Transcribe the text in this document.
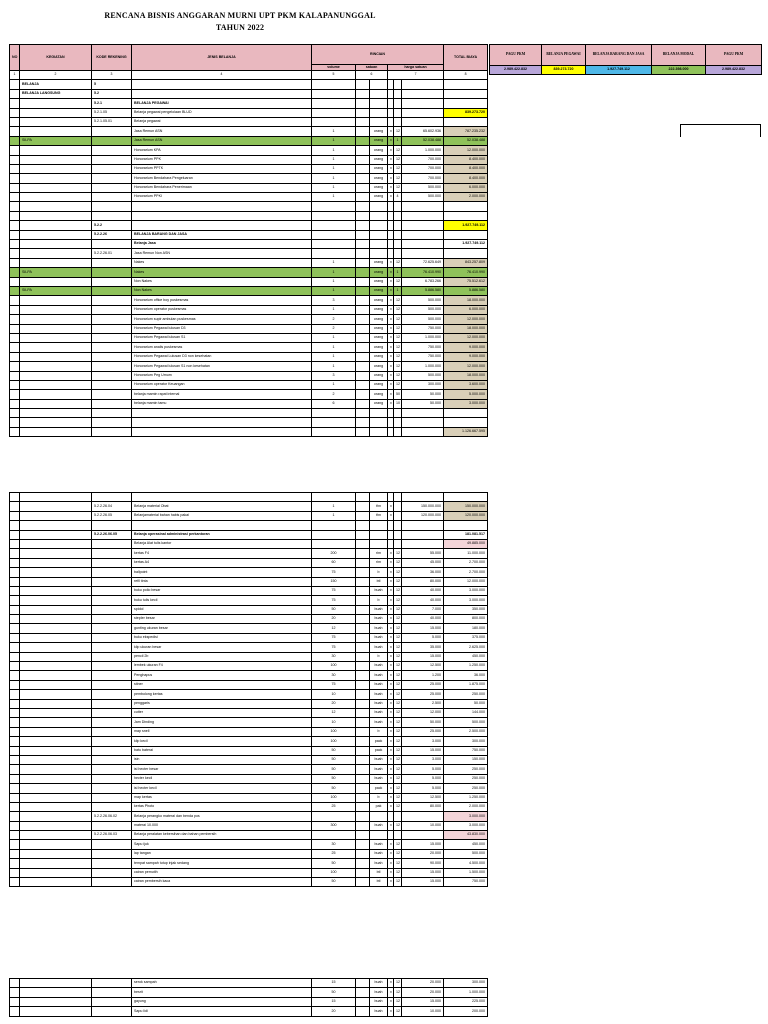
RENCANA BISNIS ANGGARAN MURNI UPT PKM KALAPANUNGGAL
TAHUN 2022
NO	KEGIATAN	KODE REKENING	JENIS BELANJA	RINCIAN						TOTAL BIAYA
				volume	satuan		harga satuan			
1	2	3	4	5	6		7			8
	BELANJA	5								
	BELANJA LANGSUNG	5.2								
		5.2.1	BELANJA PEGAWAI							
		5.2.1.05	Belanja pegawai pengelolaan BLUD							839.273.720
		5.2.1.05.01	Belanja pegawai							
			Jasa Remun ASN	1		orang	x	12	65.602.936	787.235.232
	SILPA		Jasa Remun ASN	1		orang	x	1	52.038.488	52.038.488
			Honorarium KPA	1		orang	x	12	1.000.000	12.000.000
			Honorarium PPK	1		orang	x	12	700.000	8.400.000
			Honorarium PPTK	1		orang	x	12	700.000	8.400.000
			Honorarium Bendahara Pengeluaran	1		orang	x	12	700.000	8.400.000
			Honorarium Bendahara Penerimaan	1		orang	x	12	500.000	6.000.000
			Honorarium PPKI	1		orang	x	4	500.000	2.000.000

		5.2.2								1.927.749.112
		5.2.2.26	BELANJA BARANG DAN JASA							
			Belanja Jasa							1.927.749.112
		5.2.2.26.01	Jasa Remun Non ASN							
			Nakes	1		orang	x	12	72.625.649	843.257.809
	SILPA		Nakes	1		orang	x	1	76.410.990	76.410.990
			Non Nakes	1		orang	x	12	6.783.266	75.512.612
	SILPA		Non Nakes	1		orang	x	1	5.886.580	5.886.580
			Honorarium office boy puskesmas	3		orang	x	12	500.000	18.000.000
			Honorarium operator puskesmas	1		orang	x	12	500.000	6.000.000
			Honorarium supir ambulan puskesmas	2		orang	x	12	500.000	12.000.000
			Honorarium Pegawai lulusan D3	2		orang	x	12	750.000	18.000.000
			Honorarium Pegawai lulusan S1	1		orang	x	12	1.000.000	12.000.000
			Honorarium analis puskesmas	1		orang	x	12	750.000	9.000.000
			Honorarium Pegawai Lulusan D3 non kesehatan	1		orang	x	12	750.000	9.000.000
			Honorarium Pegawai lulusan S1 non kesehatan	1		orang	x	12	1.000.000	12.000.000
			Honorarium Peg Umum	3		orang	x	12	500.000	18.000.000
			Honorarium operator Keuangan	1		orang	x	12	300.000	3.600.000
			belanja mamin rapat internal	2		orang	x	50	50.000	5.000.000
			belanja mamin tamu	6		orang	x	10	50.000	3.000.000

										1.126.667.595
PAGU PKM	BELANJA PEGAWAI	BELANJA BARANG DAN JASA	BELANJA MODAL	PAGU PKM
2.989.422.832	839.273.720	1.927.749.112	222.398.000	2.989.422.832

		5.2.2.26.04	Belanja material Obat	1		thn	x		150.000.000	150.000.000
		5.2.2.26.05	Belanjamaterial bahan habis pakai	1		thn	x		120.000.000	120.000.000

		5.2.2.26.06.05	Belanja operasinal administrasi perkantoran							181.081.517
			Belanja Alat tulis kantor							49.885.000
			kertas F4	200		rim	x	12	55.000	11.000.000
			kertas A4	60		rim	x	12	45.000	2.700.000
			ballpoint	75		b	x	12	36.000	2.700.000
			refil tinta	150		btl	x	12	80.000	12.000.000
			buku polio besar	75		buah	x	12	40.000	3.000.000
			buku tulis kecil	75		b	x	12	40.000	3.000.000
			spidol	50		buah	x	12	7.000	350.000
			stepler besar	20		buah	x	12	40.000	800.000
			gunting ukuran besar	12		buah	x	12	15.000	180.000
			buku ekspedisi	75		buah	x	12	5.000	375.000
			klip ukuran besar	75		buah	x	12	35.000	2.625.000
			pencil 2b	30		b	x	12	15.000	450.000
			lembek ukuran F4	100		buah	x	12	12.500	1.250.000
			Penghapus	30		buah	x	12	1.200	36.000
			stiner	75		buah	x	12	25.000	1.875.000
			pembolong kertas	10		buah	x	12	25.000	250.000
			penggaris	20		buah	x	12	2.500	50.000
			cutter	12		buah	x	12	12.000	144.000
			Jam Dinding	10		buah	x	12	50.000	500.000
			map snell	100		b	x	12	25.000	2.500.000
			klip kecil	100		pack	x	12	3.000	300.000
			batu baterai	50		pack	x	12	15.000	750.000
			isin	50		buah	x	12	3.000	150.000
			isi hecter besar	50		buah	x	12	5.000	250.000
			hecter kecil	50		buah	x	12	5.000	250.000
			isi hecter kecil	50		pack	x	12	5.000	250.000
			map kertas	100		b	x	12	12.500	1.250.000
			kertas Photo	25		pak	x	12	80.000	2.000.000
		5.2.2.26.06.02	Belanja perangko materai dan benda pos							3.000.000
			materai 10.000	300		buah	x	12	10.000	3.000.000
		5.2.2.26.06.03	Belanja peralatan kebersihan dan bahan pembersih							43.830.000
			Sapu ijuk	30		buah	x	12	15.000	450.000
			lap tangan	25		buah	x	12	20.000	500.000
			tempat sampah tutup injak sedang	50		buah	x	12	90.000	4.500.000
			cairan pemutih	100		btl	x	12	15.000	1.500.000
			cairan pembersih kaca	50		btl	x	12	15.000	750.000
			serok sampah	15		buah	x	12	20.000	300.000
			besrit	50		buah	x	12	20.000	1.000.000
			gayung	15		buah	x	12	15.000	225.000
			Sapu lidi	20		buah	x	12	10.000	200.000
